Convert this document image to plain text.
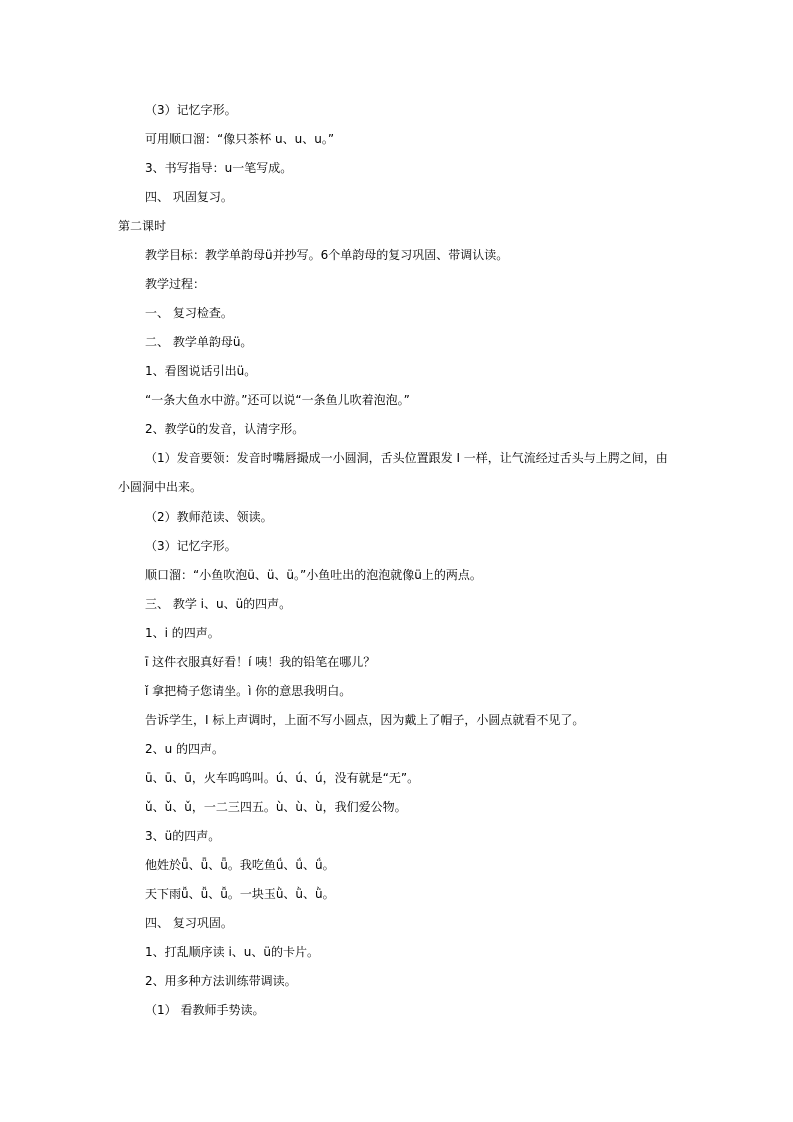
（3）记忆字形。
可用顺口溜：“像只茶杯 u、u、u。”
3、书写指导：u一笔写成。
四、 巩固复习。
第二课时
教学目标：教学单韵母ü并抄写。6个单韵母的复习巩固、带调认读。
教学过程：
一、 复习检查。
二、 教学单韵母ü。
1、看图说话引出ü。
“一条大鱼水中游。”还可以说“一条鱼儿吹着泡泡。”
2、教学ü的发音，认清字形。
（1）发音要领：发音时嘴唇撮成一小圆洞，舌头位置跟发 I 一样，让气流经过舌头与上腭之间，由小圆洞中出来。
（2）教师范读、领读。
（3）记忆字形。
顺口溜：“小鱼吹泡ü、ü、ü。”小鱼吐出的泡泡就像ü上的两点。
三、 教学 i、u、ü的四声。
1、i 的四声。
ī 这件衣服真好看！í 咦！我的铅笔在哪儿？
ǐ 拿把椅子您请坐。ì 你的意思我明白。
告诉学生，I 标上声调时，上面不写小圆点，因为戴上了帽子，小圆点就看不见了。
2、u 的四声。
ū、ū、ū，火车呜呜叫。ú、ú、ú，没有就是“无”。
ǔ、ǔ、ǔ，一二三四五。ù、ù、ù，我们爱公物。
3、ü的四声。
他姓於ǖ、ǖ、ǖ。我吃鱼ǘ、ǘ、ǘ。
天下雨ǚ、ǚ、ǚ。一块玉ǜ、ǜ、ǜ。
四、 复习巩固。
1、打乱顺序读 i、u、ü的卡片。
2、用多种方法训练带调读。
（1） 看教师手势读。
